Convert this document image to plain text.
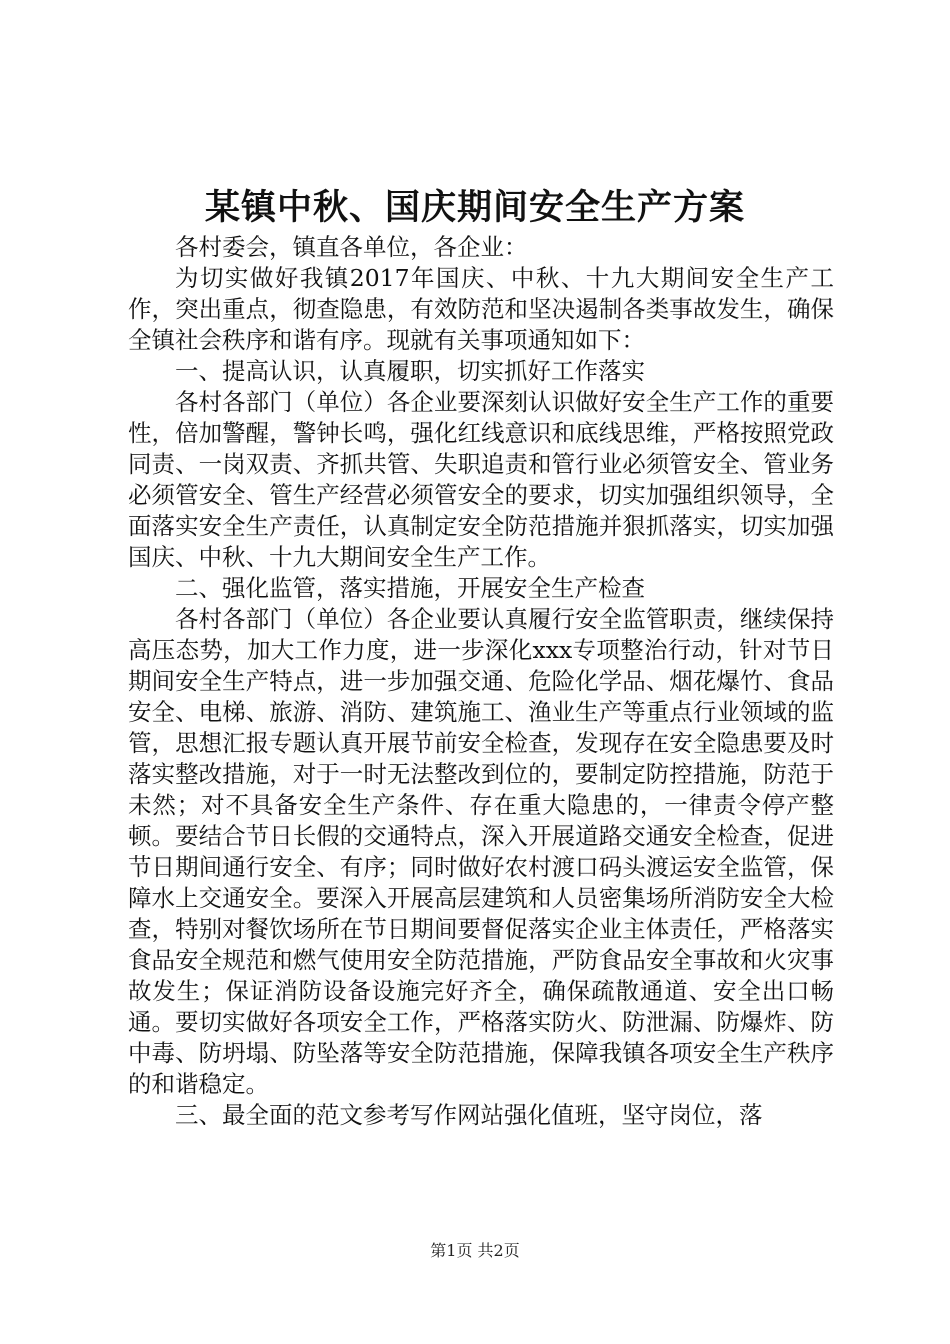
某镇中秋、国庆期间安全生产方案

各村委会，镇直各单位，各企业：

为切实做好我镇2017年国庆、中秋、十九大期间安全生产工作，突出重点，彻查隐患，有效防范和坚决遏制各类事故发生，确保全镇社会秩序和谐有序。现就有关事项通知如下：

一、提高认识，认真履职，切实抓好工作落实

各村各部门（单位）各企业要深刻认识做好安全生产工作的重要性，倍加警醒，警钟长鸣，强化红线意识和底线思维，严格按照党政同责、一岗双责、齐抓共管、失职追责和管行业必须管安全、管业务必须管安全、管生产经营必须管安全的要求，切实加强组织领导，全面落实安全生产责任，认真制定安全防范措施并狠抓落实，切实加强国庆、中秋、十九大期间安全生产工作。

二、强化监管，落实措施，开展安全生产检查

各村各部门（单位）各企业要认真履行安全监管职责，继续保持高压态势，加大工作力度，进一步深化xxx专项整治行动，针对节日期间安全生产特点，进一步加强交通、危险化学品、烟花爆竹、食品安全、电梯、旅游、消防、建筑施工、渔业生产等重点行业领域的监管，思想汇报专题认真开展节前安全检查，发现存在安全隐患要及时落实整改措施，对于一时无法整改到位的，要制定防控措施，防范于未然；对不具备安全生产条件、存在重大隐患的，一律责令停产整顿。要结合节日长假的交通特点，深入开展道路交通安全检查，促进节日期间通行安全、有序；同时做好农村渡口码头渡运安全监管，保障水上交通安全。要深入开展高层建筑和人员密集场所消防安全大检查，特别对餐饮场所在节日期间要督促落实企业主体责任，严格落实食品安全规范和燃气使用安全防范措施，严防食品安全事故和火灾事故发生；保证消防设备设施完好齐全，确保疏散通道、安全出口畅通。要切实做好各项安全工作，严格落实防火、防泄漏、防爆炸、防中毒、防坍塌、防坠落等安全防范措施，保障我镇各项安全生产秩序的和谐稳定。

三、最全面的范文参考写作网站强化值班，坚守岗位，落

第1页 共2页
